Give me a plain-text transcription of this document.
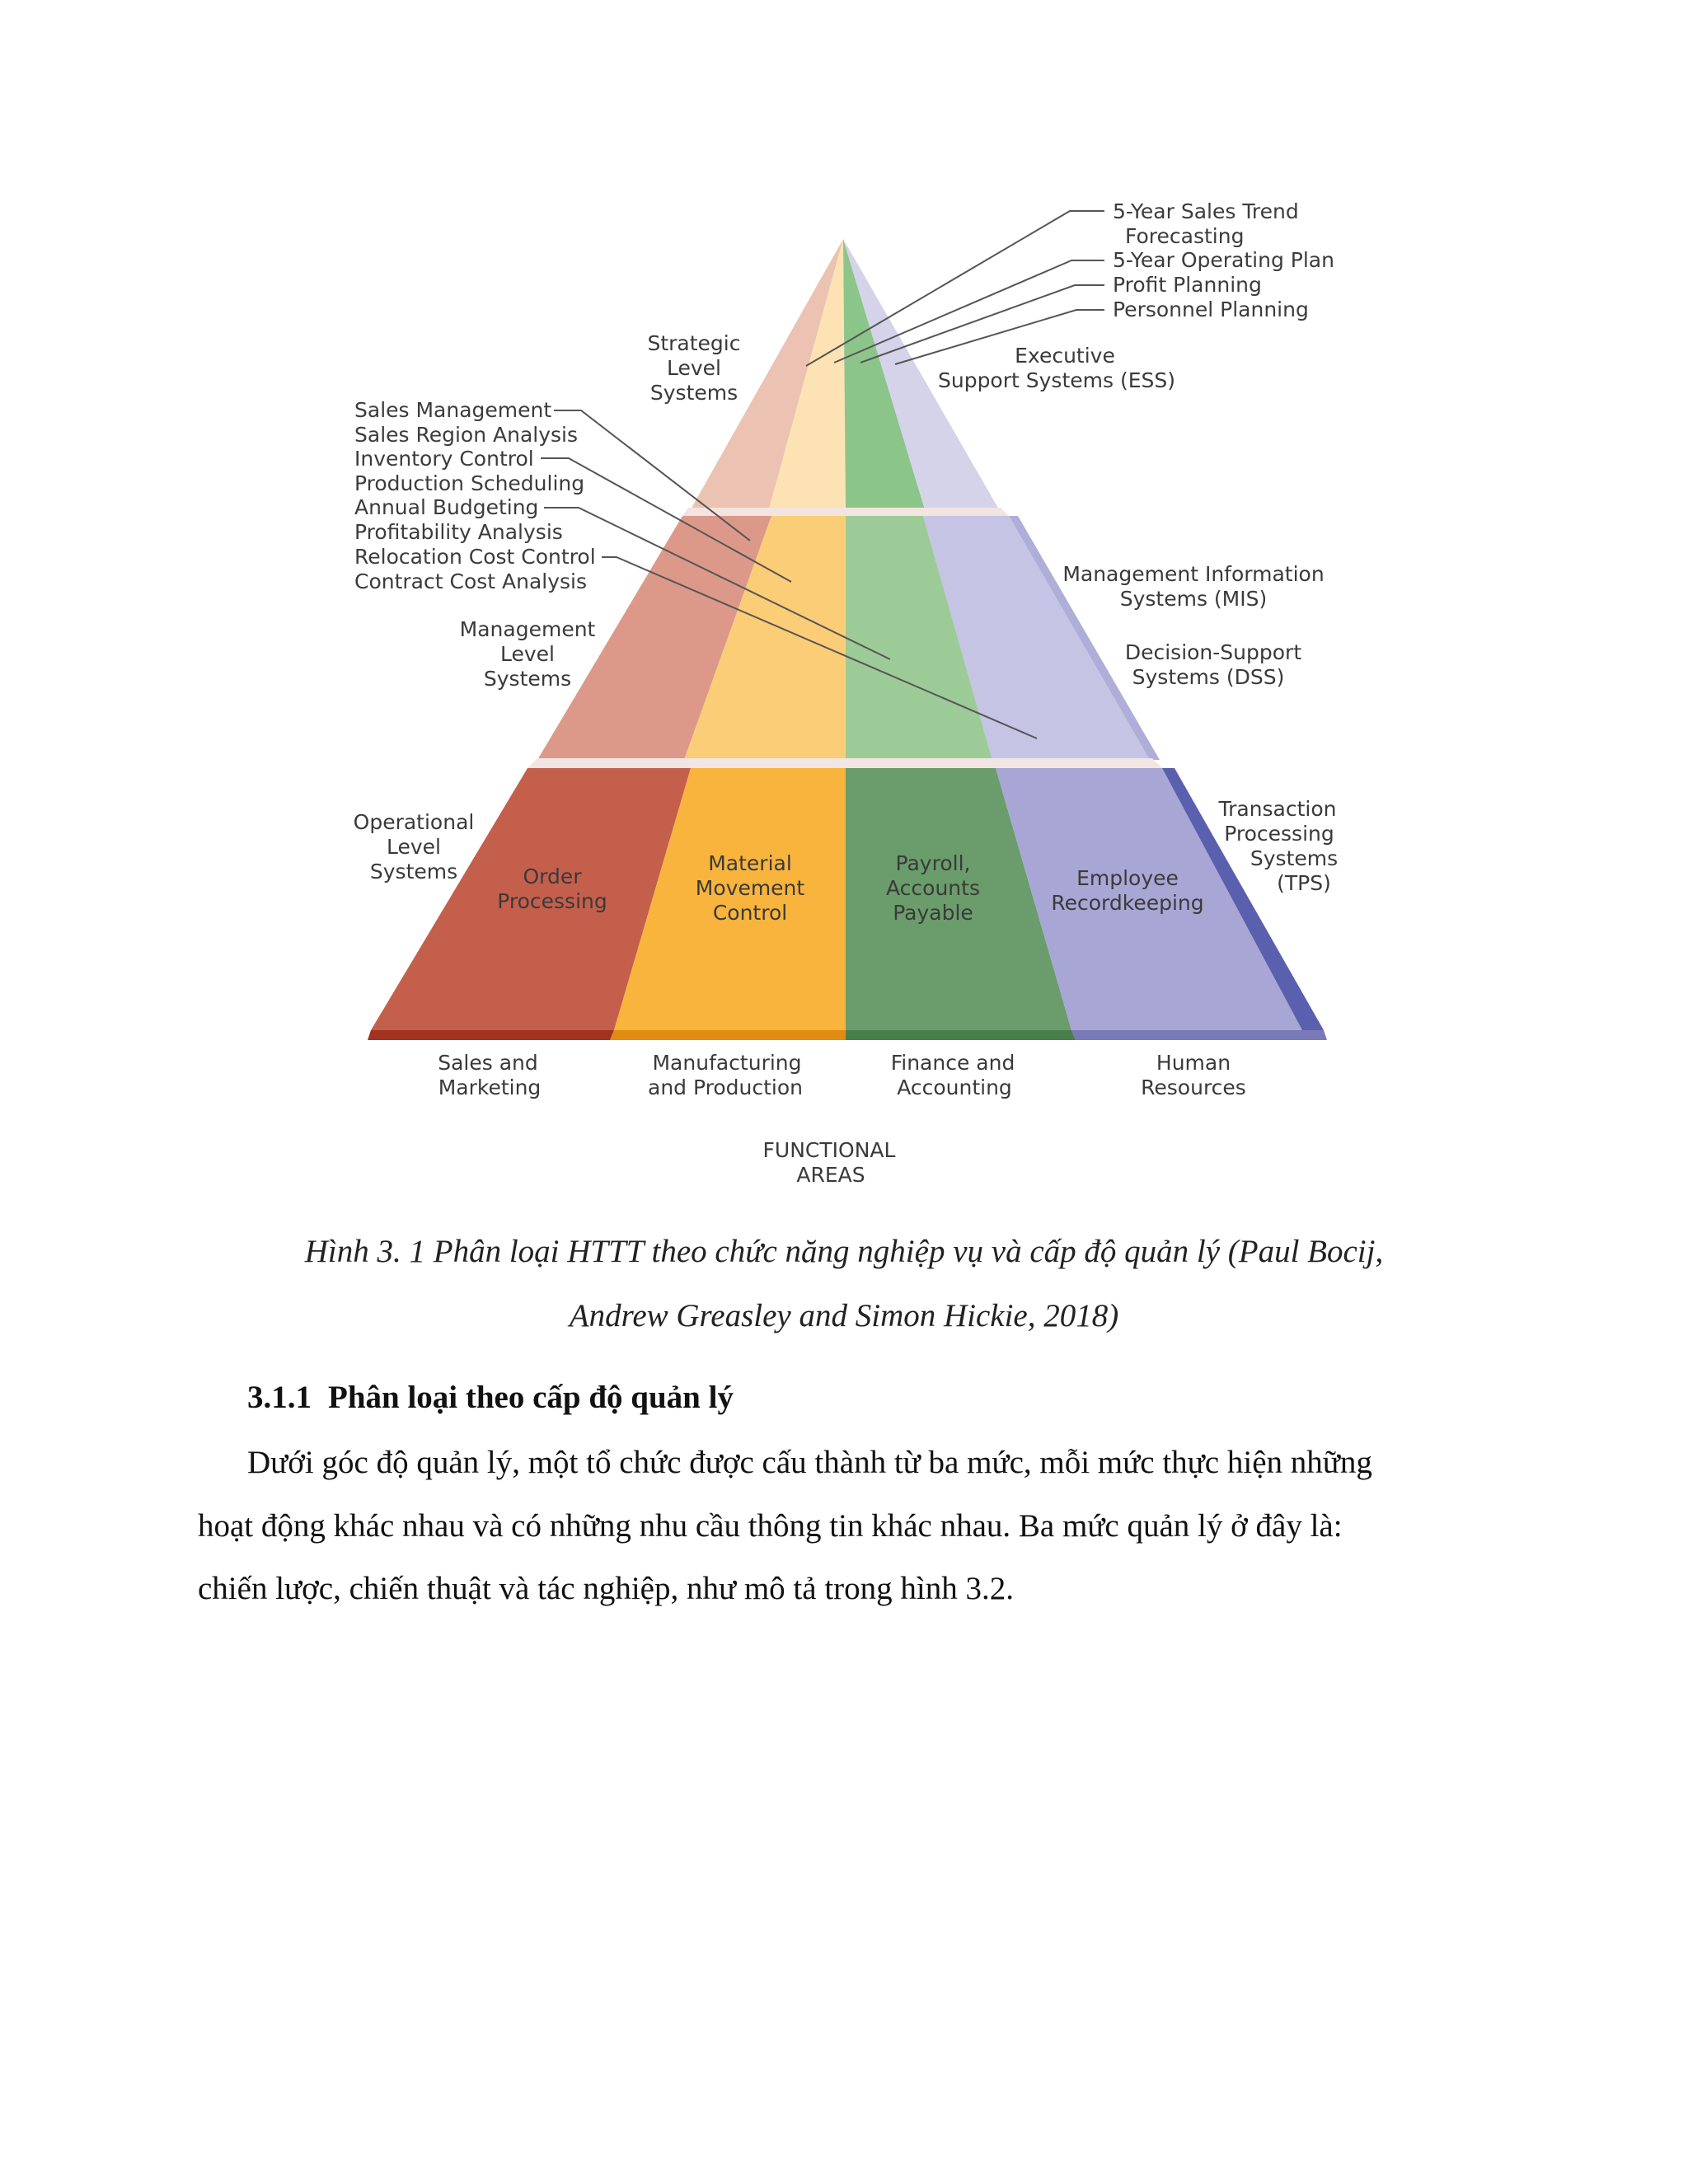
5-Year Sales Trend
Forecasting
5-Year Operating Plan
Profit Planning
Personnel Planning
Executive
Support Systems (ESS)
Strategic
Level
Systems
Sales Management
Sales Region Analysis
Inventory Control
Production Scheduling
Annual Budgeting
Profitability Analysis
Relocation Cost Control
Contract Cost Analysis
Management
Level
Systems
Management Information
Systems (MIS)
Decision-Support
Systems (DSS)
Operational
Level
Systems
Transaction
Processing
Systems
(TPS)
Order
Processing
Material
Movement
Control
Payroll,
Accounts
Payable
Employee
Recordkeeping
Sales and
Marketing
Manufacturing
and Production
Finance and
Accounting
Human
Resources
FUNCTIONAL
AREAS
Hình 3. 1 Phân loại HTTT theo chức năng nghiệp vụ và cấp độ quản lý (Paul Bocij,
Andrew Greasley and Simon Hickie, 2018)
3.1.1 Phân loại theo cấp độ quản lý
Dưới góc độ quản lý, một tổ chức được cấu thành từ ba mức, mỗi mức thực hiện những
hoạt động khác nhau và có những nhu cầu thông tin khác nhau. Ba mức quản lý ở đây là:
chiến lược, chiến thuật và tác nghiệp, như mô tả trong hình 3.2.
